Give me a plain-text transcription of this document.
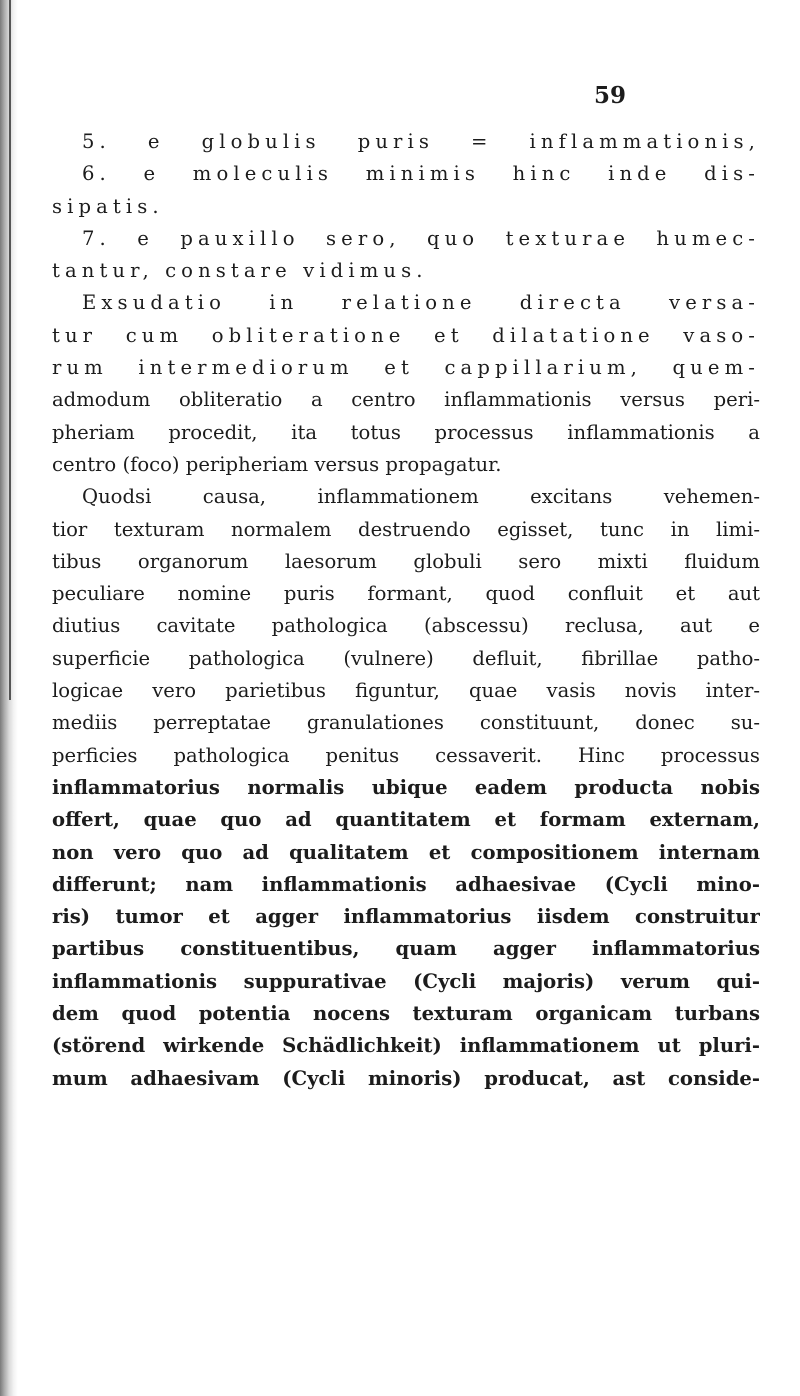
59
5. e globulis puris = inflammationis,
6. e moleculis minimis hinc inde dis-
sipatis.
7. e pauxillo sero, quo texturae humec-
tantur, constare vidimus.
Exsudatio in relatione directa versa-
tur cum obliteratione et dilatatione vaso-
rum intermediorum et cappillarium, quem-
admodum obliteratio a centro inflammationis versus peri-
pheriam procedit, ita totus processus inflammationis a
centro (foco) peripheriam versus propagatur.
Quodsi causa, inflammationem excitans vehemen-
tior texturam normalem destruendo egisset, tunc in limi-
tibus organorum laesorum globuli sero mixti fluidum
peculiare nomine puris formant, quod confluit et aut
diutius cavitate pathologica (abscessu) reclusa, aut e
superficie pathologica (vulnere) defluit, fibrillae patho-
logicae vero parietibus figuntur, quae vasis novis inter-
mediis perreptatae granulationes constituunt, donec su-
perficies pathologica penitus cessaverit. Hinc processus
inflammatorius normalis ubique eadem producta nobis
offert, quae quo ad quantitatem et formam externam,
non vero quo ad qualitatem et compositionem internam
differunt; nam inflammationis adhaesivae (Cycli mino-
ris) tumor et agger inflammatorius iisdem construitur
partibus constituentibus, quam agger inflammatorius
inflammationis suppurativae (Cycli majoris) verum qui-
dem quod potentia nocens texturam organicam turbans
(störend wirkende Schädlichkeit) inflammationem ut pluri-
mum adhaesivam (Cycli minoris) producat, ast conside-
